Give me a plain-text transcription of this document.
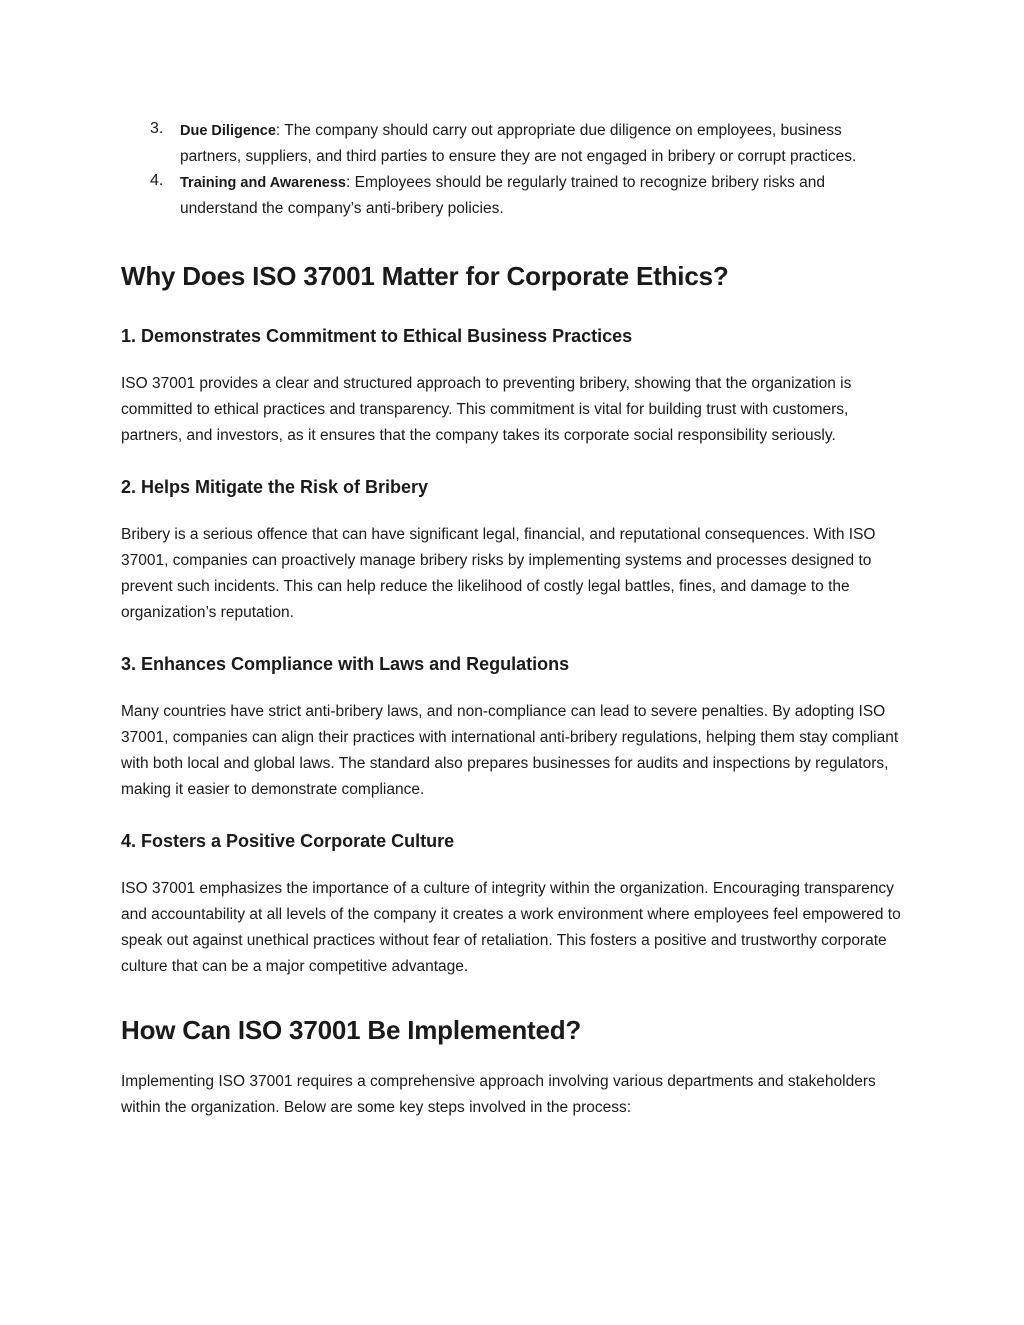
3. Due Diligence: The company should carry out appropriate due diligence on employees, business partners, suppliers, and third parties to ensure they are not engaged in bribery or corrupt practices.
4. Training and Awareness: Employees should be regularly trained to recognize bribery risks and understand the company’s anti-bribery policies.
Why Does ISO 37001 Matter for Corporate Ethics?
1. Demonstrates Commitment to Ethical Business Practices

ISO 37001 provides a clear and structured approach to preventing bribery, showing that the organization is committed to ethical practices and transparency. This commitment is vital for building trust with customers, partners, and investors, as it ensures that the company takes its corporate social responsibility seriously.

2. Helps Mitigate the Risk of Bribery

Bribery is a serious offence that can have significant legal, financial, and reputational consequences. With ISO 37001, companies can proactively manage bribery risks by implementing systems and processes designed to prevent such incidents. This can help reduce the likelihood of costly legal battles, fines, and damage to the organization’s reputation.

3. Enhances Compliance with Laws and Regulations

Many countries have strict anti-bribery laws, and non-compliance can lead to severe penalties. By adopting ISO 37001, companies can align their practices with international anti-bribery regulations, helping them stay compliant with both local and global laws. The standard also prepares businesses for audits and inspections by regulators, making it easier to demonstrate compliance.

4. Fosters a Positive Corporate Culture

ISO 37001 emphasizes the importance of a culture of integrity within the organization. Encouraging transparency and accountability at all levels of the company it creates a work environment where employees feel empowered to speak out against unethical practices without fear of retaliation. This fosters a positive and trustworthy corporate culture that can be a major competitive advantage.

How Can ISO 37001 Be Implemented?

Implementing ISO 37001 requires a comprehensive approach involving various departments and stakeholders within the organization. Below are some key steps involved in the process:
